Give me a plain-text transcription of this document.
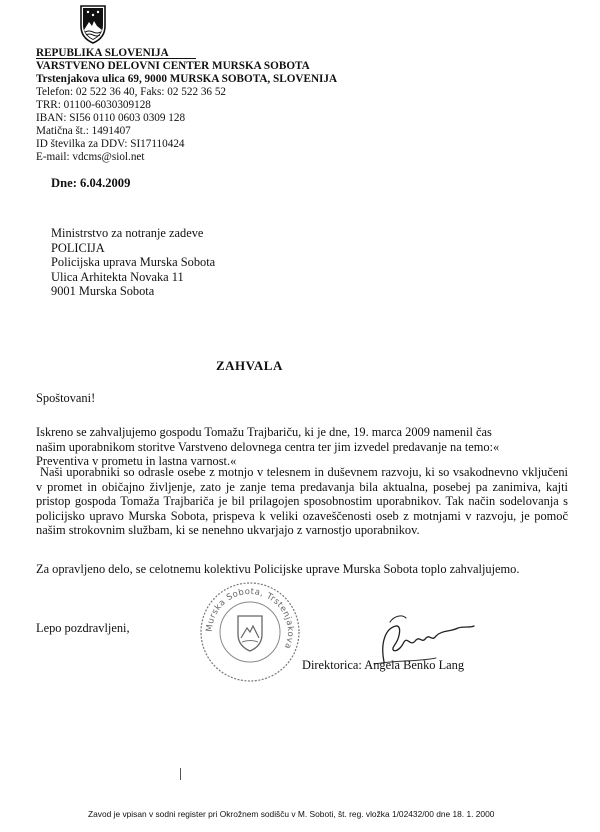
REPUBLIKA SLOVENIJA
VARSTVENO DELOVNI CENTER MURSKA SOBOTA
Trstenjakova ulica 69, 9000 MURSKA SOBOTA, SLOVENIJA
Telefon: 02 522 36 40, Faks: 02 522 36 52
TRR: 01100-6030309128
IBAN: SI56 0110 0603 0309 128
Matična št.: 1491407
ID številka za DDV: SI17110424
E-mail: vdcms@siol.net
Dne: 6.04.2009
Ministrstvo za notranje zadeve
POLICIJA
Policijska uprava Murska Sobota
Ulica Arhitekta Novaka 11
9001 Murska Sobota
ZAHVALA
Spoštovani!
Iskreno se zahvaljujemo gospodu Tomažu Trajbariču, ki je dne, 19. marca 2009 namenil čas
našim uporabnikom storitve Varstveno delovnega centra ter jim izvedel predavanje na temo:«
Preventiva v prometu in lastna varnost.«

Naši uporabniki so odrasle osebe z motnjo v telesnem in duševnem razvoju, ki so vsakodnevno vključeni v promet in običajno življenje, zato je zanje tema predavanja bila aktualna, posebej pa zanimiva, kajti pristop gospoda Tomaža Trajbariča je bil prilagojen sposobnostim uporabnikov. Tak način sodelovanja s policijsko upravo Murska Sobota, prispeva k veliki ozaveščenosti oseb z motnjami v razvoju, je pomoč našim strokovnim službam, ki se nenehno ukvarjajo z varnostjo uporabnikov.

Za opravljeno delo, se celotnemu kolektivu Policijske uprave Murska Sobota toplo zahvaljujemo.

Lepo pozdravljeni,	Murska Sobota, Trstenjakova
Direktorica: Angela Benko Lang
Zavod je vpisan v sodni register pri Okrožnem sodišču v M. Soboti, št. reg. vložka 1/02432/00 dne 18. 1. 2000
